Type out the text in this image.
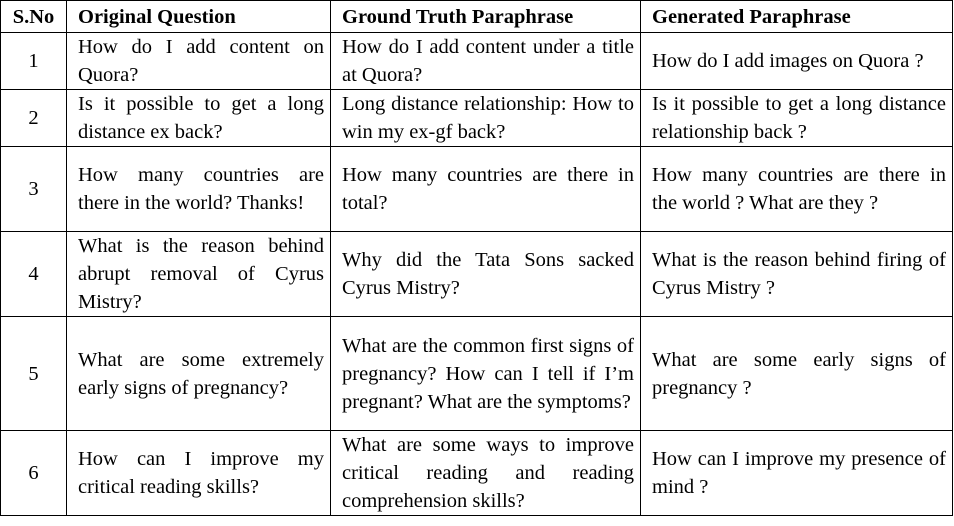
S.No	Original Question	Ground Truth Paraphrase	Generated Paraphrase
1	How do I add content on Quora?	How do I add content under a title at Quora?	How do I add images on Quora ?
2	Is it possible to get a long distance ex back?	Long distance relationship: How to win my ex-gf back?	Is it possible to get a long distance relationship back ?
3	How many countries are there in the world? Thanks!	How many countries are there in total?	How many countries are there in the world ? What are they ?
4	What is the reason behind abrupt removal of Cyrus Mistry?	Why did the Tata Sons sacked Cyrus Mistry?	What is the reason behind firing of Cyrus Mistry ?
5	What are some extremely early signs of pregnancy?	What are the common first signs of pregnancy? How can I tell if I’m pregnant? What are the symptoms?	What are some early signs of pregnancy ?
6	How can I improve my critical reading skills?	What are some ways to improve critical reading and reading comprehension skills?	How can I improve my presence of mind ?
